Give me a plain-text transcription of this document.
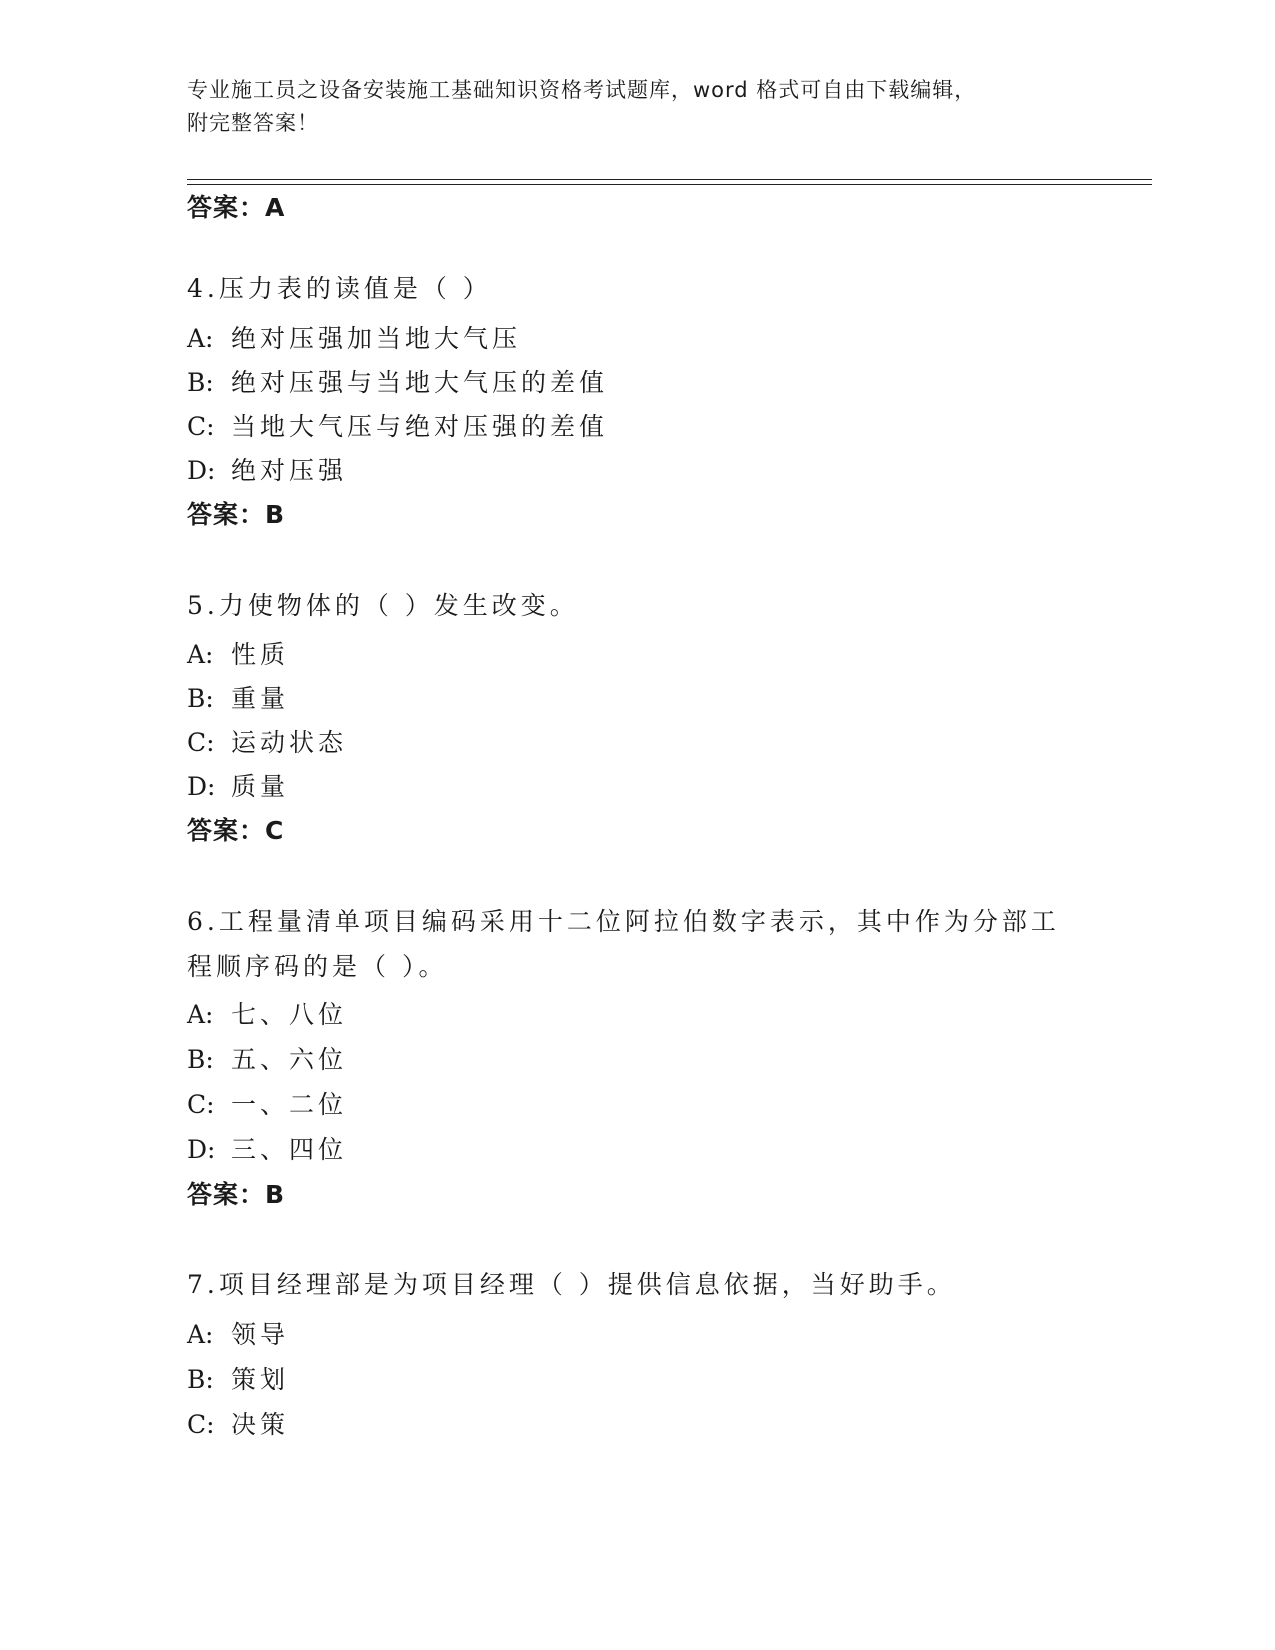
专业施工员之设备安装施工基础知识资格考试题库，word 格式可自由下载编辑，
附完整答案！
答案：A
4.压力表的读值是（ ）
A: 绝对压强加当地大气压
B: 绝对压强与当地大气压的差值
C: 当地大气压与绝对压强的差值
D: 绝对压强
答案：B
5.力使物体的（ ）发生改变。
A: 性质
B: 重量
C: 运动状态
D: 质量
答案：C
6.工程量清单项目编码采用十二位阿拉伯数字表示，其中作为分部工
程顺序码的是（ ）。
A: 七、八位
B: 五、六位
C: 一、二位
D: 三、四位
答案：B
7.项目经理部是为项目经理（ ）提供信息依据，当好助手。
A: 领导
B: 策划
C: 决策
